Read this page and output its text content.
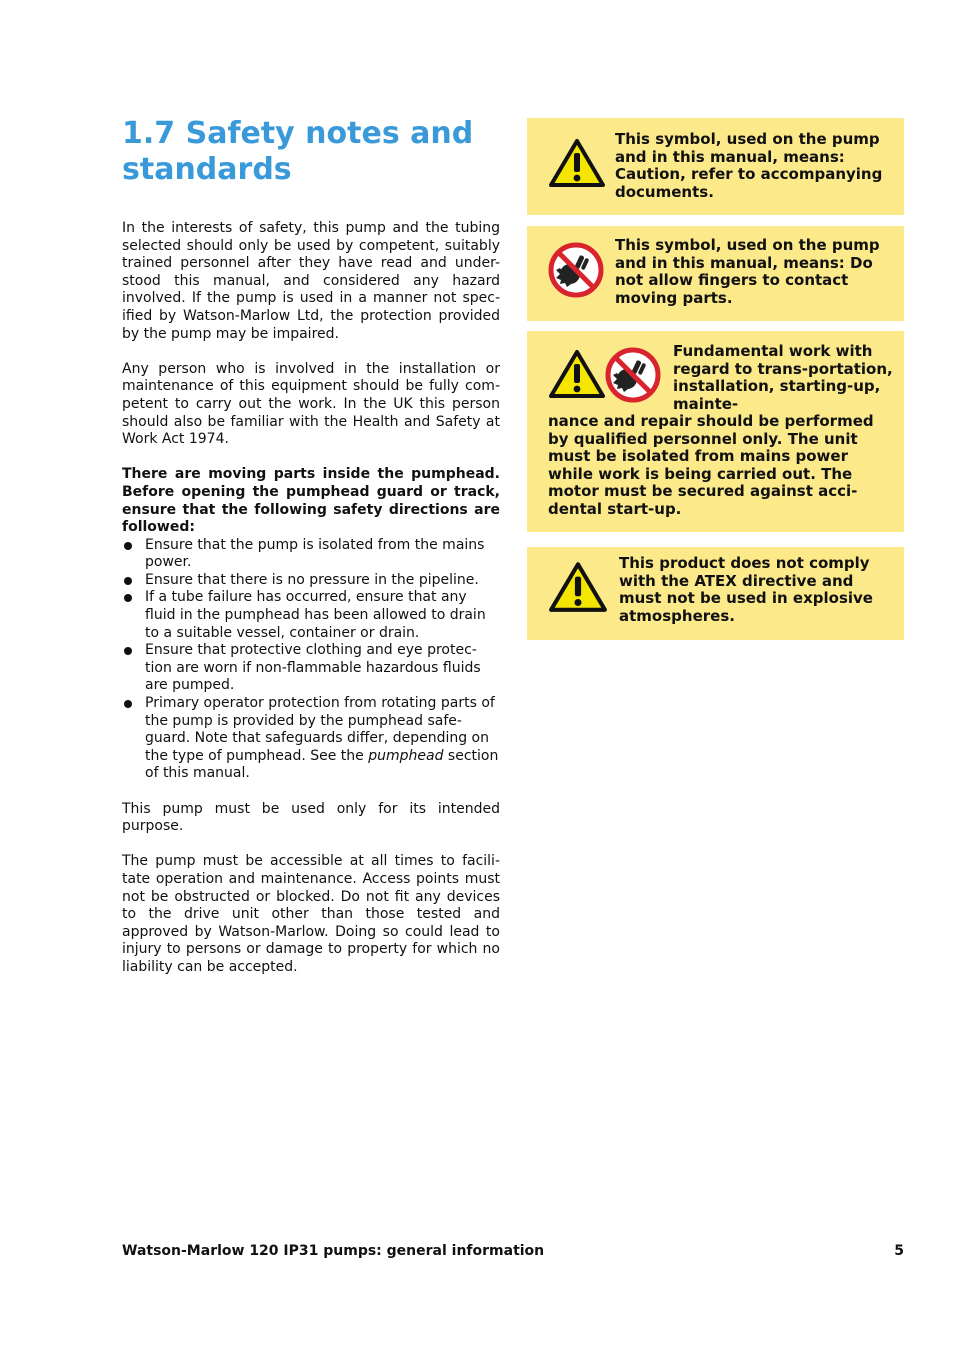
1.7 Safety notes and standards

In the interests of safety, this pump and the tubing selected should only be used by competent, suitably trained personnel after they have read and under-stood this manual, and considered any hazard involved. If the pump is used in a manner not spec-ified by Watson-Marlow Ltd, the protection provided by the pump may be impaired.

Any person who is involved in the installation or maintenance of this equipment should be fully com-petent to carry out the work. In the UK this person should also be familiar with the Health and Safety at Work Act 1974.

There are moving parts inside the pumphead. Before opening the pumphead guard or track, ensure that the following safety directions are followed:

Ensure that the pump is isolated from the mains power.
Ensure that there is no pressure in the pipeline.
If a tube failure has occurred, ensure that any fluid in the pumphead has been allowed to drain to a suitable vessel, container or drain.
Ensure that protective clothing and eye protec-tion are worn if non-flammable hazardous fluids are pumped.
Primary operator protection from rotating parts of the pump is provided by the pumphead safe-guard. Note that safeguards differ, depending on the type of pumphead. See the pumphead section of this manual.

This pump must be used only for its intended purpose.

The pump must be accessible at all times to facili-tate operation and maintenance. Access points must not be obstructed or blocked. Do not fit any devices to the drive unit other than those tested and approved by Watson-Marlow. Doing so could lead to injury to persons or damage to property for which no liability can be accepted.

This symbol, used on the pump and in this manual, means: Caution, refer to accompanying documents.
This symbol, used on the pump and in this manual, means: Do not allow fingers to contact moving parts.
Fundamental work with regard to trans-portation, installation, starting-up, mainte-
nance and repair should be performed by qualified personnel only. The unit must be isolated from mains power while work is being carried out. The motor must be secured against acci-dental start-up.
This product does not comply with the ATEX directive and must not be used in explosive atmospheres.
Watson-Marlow 120 IP31 pumps: general information	5
